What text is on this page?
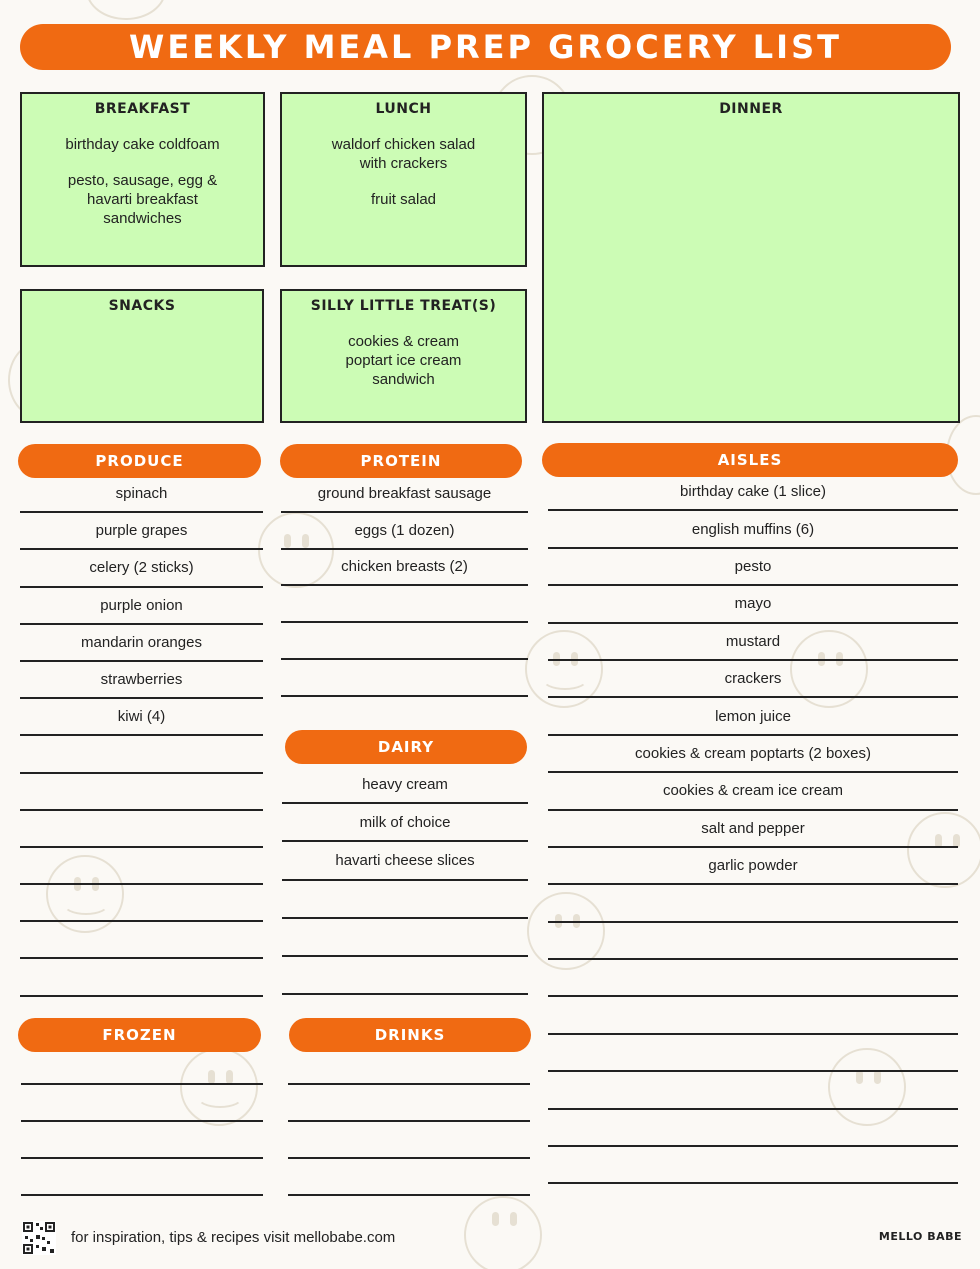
WEEKLY MEAL PREP GROCERY LIST
BREAKFAST
birthday cake coldfoam
pesto, sausage, egg &
havarti breakfast
sandwiches
LUNCH
waldorf chicken salad
with crackers
fruit salad
DINNER
SNACKS	SILLY LITTLE TREAT(S)
cookies & cream
poptart ice cream
sandwich
PRODUCE	PROTEIN	AISLES
DAIRY
FROZEN	DRINKS
spinach
purple grapes
celery (2 sticks)
purple onion
mandarin oranges
strawberries
kiwi (4)
ground breakfast sausage
eggs (1 dozen)
chicken breasts (2)
heavy cream
milk of choice
havarti cheese slices
birthday cake (1 slice)
english muffins (6)
pesto
mayo
mustard
crackers
lemon juice
cookies & cream poptarts (2 boxes)
cookies & cream ice cream
salt and pepper
garlic powder
for inspiration, tips & recipes visit mellobabe.com	MELLO BABE
